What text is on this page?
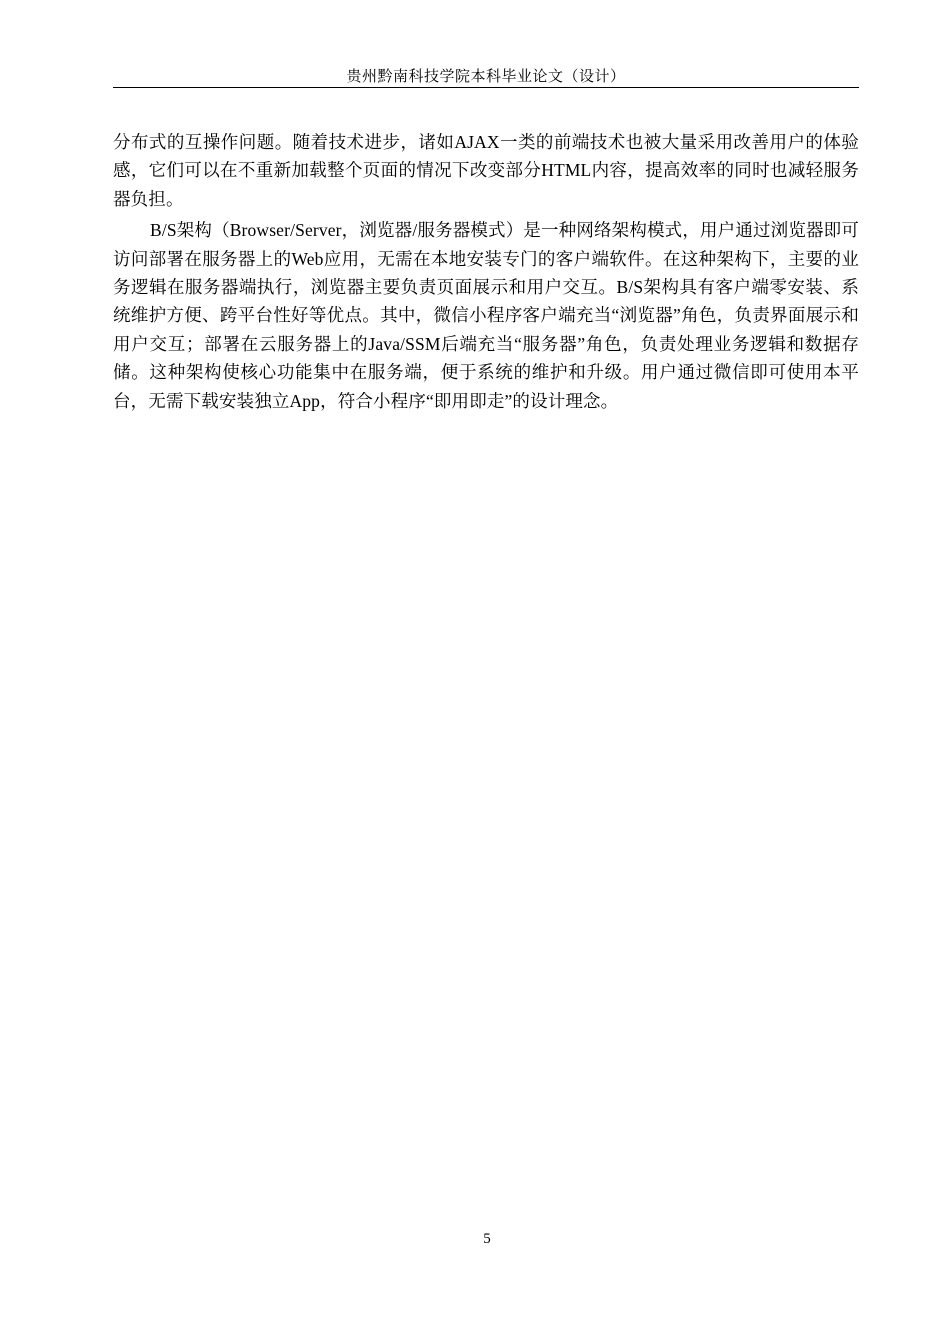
贵州黔南科技学院本科毕业论文（设计）

分布式的互操作问题。随着技术进步，诸如AJAX一类的前端技术也被大量采用改善用户的体验感，它们可以在不重新加载整个页面的情况下改变部分HTML内容，提高效率的同时也减轻服务器负担。

B/S架构（Browser/Server，浏览器/服务器模式）是一种网络架构模式，用户通过浏览器即可访问部署在服务器上的Web应用，无需在本地安装专门的客户端软件。在这种架构下，主要的业务逻辑在服务器端执行，浏览器主要负责页面展示和用户交互。B/S架构具有客户端零安装、系统维护方便、跨平台性好等优点。其中，微信小程序客户端充当“浏览器”角色，负责界面展示和用户交互；部署在云服务器上的Java/SSM后端充当“服务器”角色，负责处理业务逻辑和数据存储。这种架构使核心功能集中在服务端，便于系统的维护和升级。用户通过微信即可使用本平台，无需下载安装独立App，符合小程序“即用即走”的设计理念。

5
